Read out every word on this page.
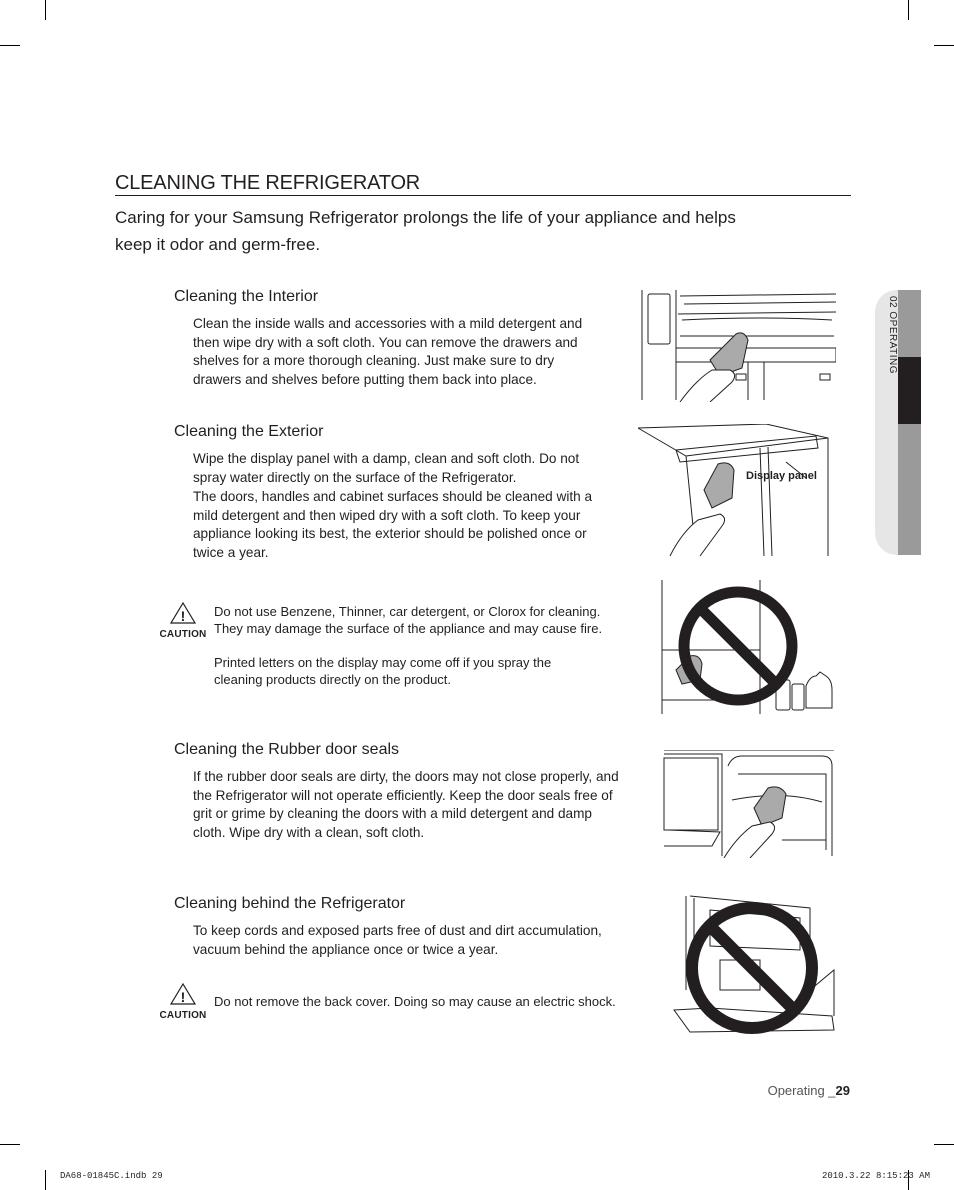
CLEANING THE REFRIGERATOR
Caring for your Samsung Refrigerator prolongs the life of your appliance and helps keep it odor and germ-free.
02 OPERATING
Cleaning the Interior
Clean the inside walls and accessories with a mild detergent and then wipe dry with a soft cloth. You can remove the drawers and shelves for a more thorough cleaning. Just make sure to dry drawers and shelves before putting them back into place.
Cleaning the Exterior
Wipe the display panel with a damp, clean and soft cloth. Do not spray water directly on the surface of the Refrigerator.
The doors, handles and cabinet surfaces should be cleaned with a mild detergent and then wiped dry with a soft cloth. To keep your appliance looking its best, the exterior should be polished once or twice a year.
Display panel
!
CAUTION
Do not use Benzene, Thinner, car detergent, or Clorox for cleaning. They may damage the surface of the appliance and may cause fire.
Printed letters on the display may come off if you spray the cleaning products directly on the product.
Cleaning the Rubber door seals
If the rubber door seals are dirty, the doors may not close properly, and the Refrigerator will not operate efficiently. Keep the door seals free of grit or grime by cleaning the doors with a mild detergent and damp cloth. Wipe dry with a clean, soft cloth.
Cleaning behind the Refrigerator
To keep cords and exposed parts free of dust and dirt accumulation, vacuum behind the appliance once or twice a year.
!
CAUTION
Do not remove the back cover. Doing so may cause an electric shock.
Operating _29
DA68-01845C.indb 29	2010.3.22 8:15:23 AM
